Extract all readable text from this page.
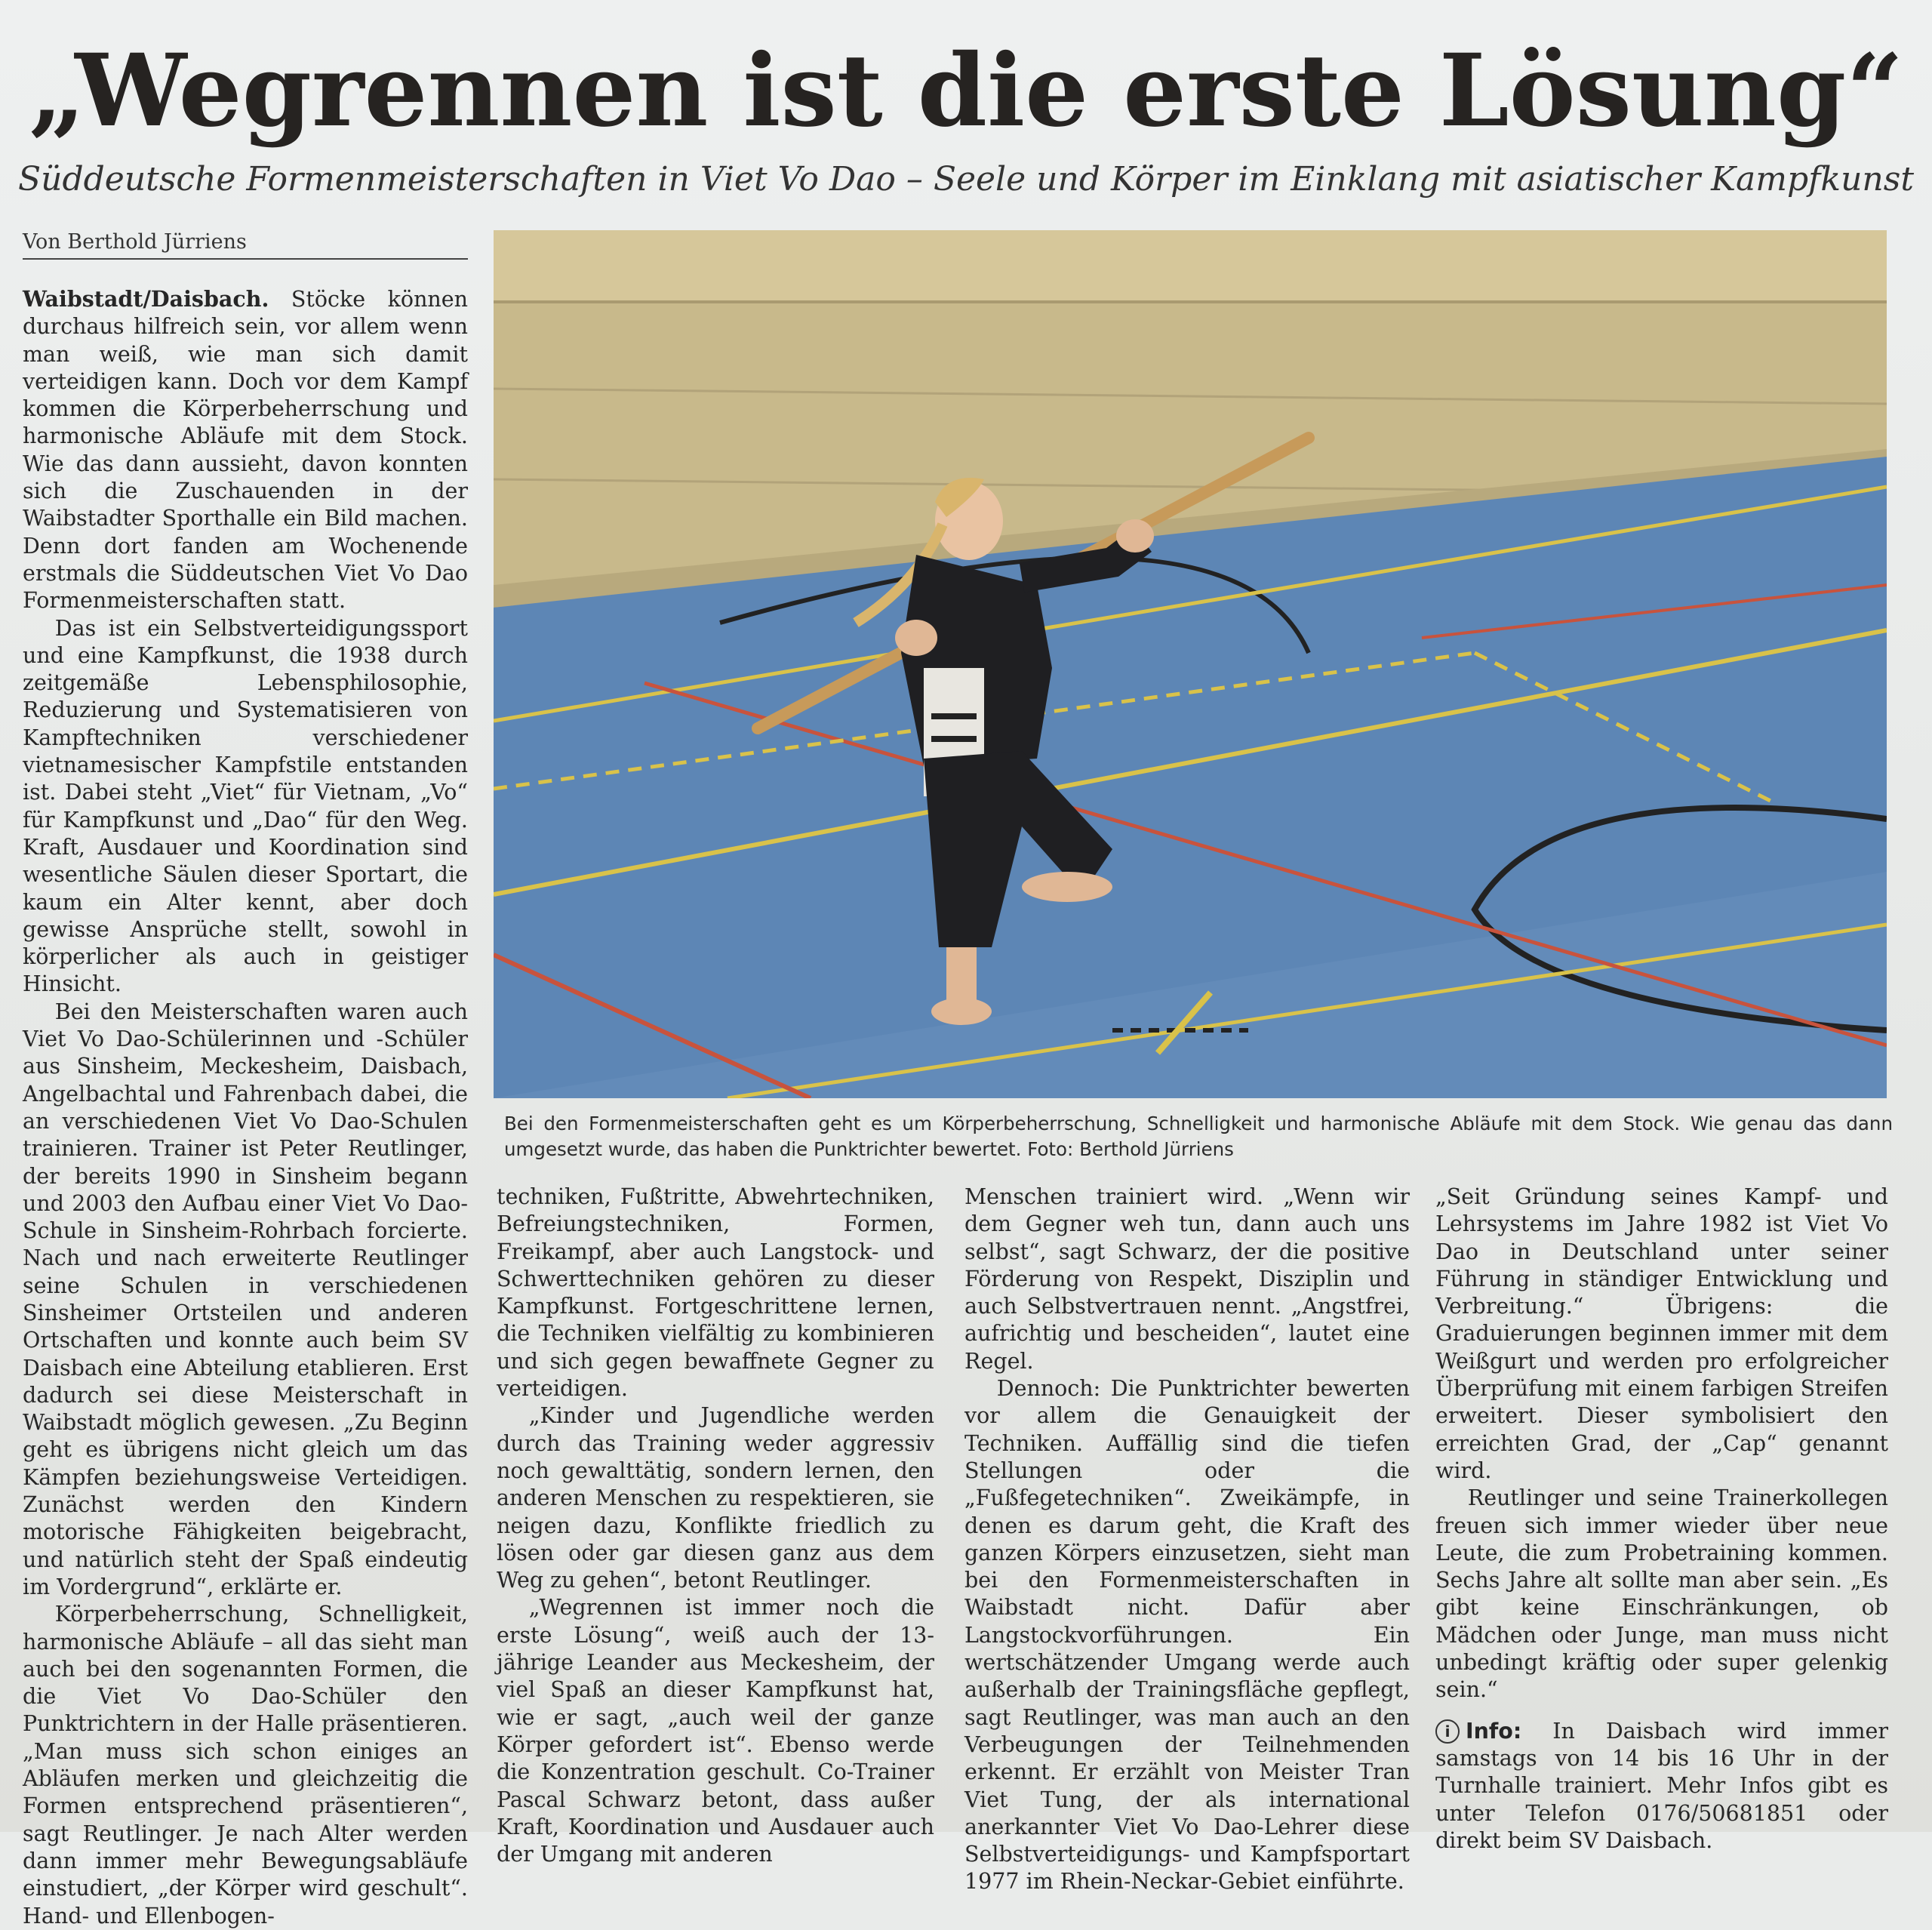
„Wegrennen ist die erste Lösung“
Süddeutsche Formenmeisterschaften in Viet Vo Dao – Seele und Körper im Einklang mit asiatischer Kampfkunst
Von Berthold Jürriens

Waibstadt/Daisbach. Stöcke können durchaus hilfreich sein, vor allem wenn man weiß, wie man sich damit verteidigen kann. Doch vor dem Kampf kommen die Körperbeherrschung und harmonische Abläufe mit dem Stock. Wie das dann aussieht, davon konnten sich die Zuschauenden in der Waibstadter Sporthalle ein Bild machen. Denn dort fanden am Wochenende erstmals die Süddeutschen Viet Vo Dao Formenmeisterschaften statt.

Das ist ein Selbstverteidigungssport und eine Kampfkunst, die 1938 durch zeitgemäße Lebensphilosophie, Reduzierung und Systematisieren von Kampftechniken verschiedener vietnamesischer Kampfstile entstanden ist. Dabei steht „Viet“ für Vietnam, „Vo“ für Kampfkunst und „Dao“ für den Weg. Kraft, Ausdauer und Koordination sind wesentliche Säulen dieser Sportart, die kaum ein Alter kennt, aber doch gewisse Ansprüche stellt, sowohl in körperlicher als auch in geistiger Hinsicht.

Bei den Meisterschaften waren auch Viet Vo Dao-Schülerinnen und -Schüler aus Sinsheim, Meckesheim, Daisbach, Angelbachtal und Fahrenbach dabei, die an verschiedenen Viet Vo Dao-Schulen trainieren. Trainer ist Peter Reutlinger, der bereits 1990 in Sinsheim begann und 2003 den Aufbau einer Viet Vo Dao-Schule in Sinsheim-Rohrbach forcierte. Nach und nach erweiterte Reutlinger seine Schulen in verschiedenen Sinsheimer Ortsteilen und anderen Ortschaften und konnte auch beim SV Daisbach eine Abteilung etablieren. Erst dadurch sei diese Meisterschaft in Waibstadt möglich gewesen. „Zu Beginn geht es übrigens nicht gleich um das Kämpfen beziehungsweise Verteidigen. Zunächst werden den Kindern motorische Fähigkeiten beigebracht, und natürlich steht der Spaß eindeutig im Vordergrund“, erklärte er.

Körperbeherrschung, Schnelligkeit, harmonische Abläufe – all das sieht man auch bei den sogenannten Formen, die die Viet Vo Dao-Schüler den Punktrichtern in der Halle präsentieren. „Man muss sich schon einiges an Abläufen merken und gleichzeitig die Formen entsprechend präsentieren“, sagt Reutlinger. Je nach Alter werden dann immer mehr Bewegungsabläufe einstudiert, „der Körper wird geschult“. Hand- und Ellenbogen-

Bei den Formenmeisterschaften geht es um Körperbeherrschung, Schnelligkeit und harmonische Abläufe mit dem Stock. Wie genau das dann umgesetzt wurde, das haben die Punktrichter bewertet. Foto: Berthold Jürriens

techniken, Fußtritte, Abwehrtechniken, Befreiungstechniken, Formen, Freikampf, aber auch Langstock- und Schwerttechniken gehören zu dieser Kampfkunst. Fortgeschrittene lernen, die Techniken vielfältig zu kombinieren und sich gegen bewaffnete Gegner zu verteidigen.

„Kinder und Jugendliche werden durch das Training weder aggressiv noch gewalttätig, sondern lernen, den anderen Menschen zu respektieren, sie neigen dazu, Konflikte friedlich zu lösen oder gar diesen ganz aus dem Weg zu gehen“, betont Reutlinger.

„Wegrennen ist immer noch die erste Lösung“, weiß auch der 13-jährige Leander aus Meckesheim, der viel Spaß an dieser Kampfkunst hat, wie er sagt, „auch weil der ganze Körper gefordert ist“. Ebenso werde die Konzentration geschult. Co-Trainer Pascal Schwarz betont, dass außer Kraft, Koordination und Ausdauer auch der Umgang mit anderen

Menschen trainiert wird. „Wenn wir dem Gegner weh tun, dann auch uns selbst“, sagt Schwarz, der die positive Förderung von Respekt, Disziplin und auch Selbstvertrauen nennt. „Angstfrei, aufrichtig und bescheiden“, lautet eine Regel.

Dennoch: Die Punktrichter bewerten vor allem die Genauigkeit der Techniken. Auffällig sind die tiefen Stellungen oder die „Fußfegetechniken“. Zweikämpfe, in denen es darum geht, die Kraft des ganzen Körpers einzusetzen, sieht man bei den Formenmeisterschaften in Waibstadt nicht. Dafür aber Langstockvorführungen. Ein wertschätzender Umgang werde auch außerhalb der Trainingsfläche gepflegt, sagt Reutlinger, was man auch an den Verbeugungen der Teilnehmenden erkennt. Er erzählt von Meister Tran Viet Tung, der als international anerkannter Viet Vo Dao-Lehrer diese Selbstverteidigungs- und Kampfsportart 1977 im Rhein-Neckar-Gebiet einführte.

„Seit Gründung seines Kampf- und Lehrsystems im Jahre 1982 ist Viet Vo Dao in Deutschland unter seiner Führung in ständiger Entwicklung und Verbreitung.“ Übrigens: die Graduierungen beginnen immer mit dem Weißgurt und werden pro erfolgreicher Überprüfung mit einem farbigen Streifen erweitert. Dieser symbolisiert den erreichten Grad, der „Cap“ genannt wird.

Reutlinger und seine Trainerkollegen freuen sich immer wieder über neue Leute, die zum Probetraining kommen. Sechs Jahre alt sollte man aber sein. „Es gibt keine Einschränkungen, ob Mädchen oder Junge, man muss nicht unbedingt kräftig oder super gelenkig sein.“

i Info: In Daisbach wird immer samstags von 14 bis 16 Uhr in der Turnhalle trainiert. Mehr Infos gibt es unter Telefon 0176/50681851 oder direkt beim SV Daisbach.
